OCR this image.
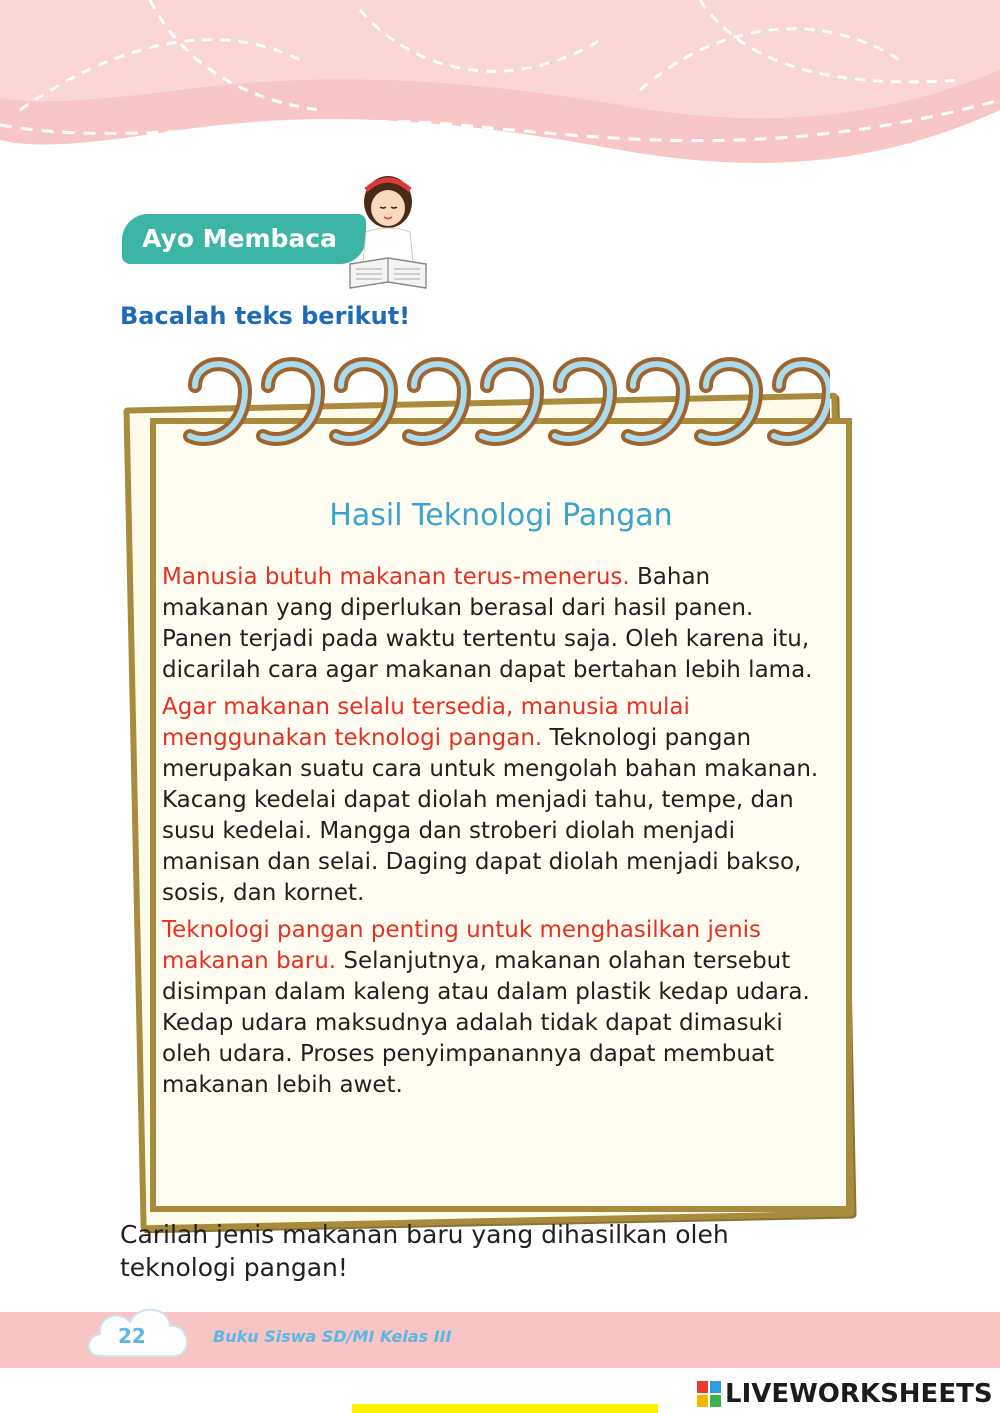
Ayo Membaca
Bacalah teks berikut!
Hasil Teknologi Pangan

Manusia butuh makanan terus-menerus. Bahan makanan yang diperlukan berasal dari hasil panen. Panen terjadi pada waktu tertentu saja. Oleh karena itu, dicarilah cara agar makanan dapat bertahan lebih lama.

Agar makanan selalu tersedia, manusia mulai menggunakan teknologi pangan. Teknologi pangan merupakan suatu cara untuk mengolah bahan makanan. Kacang kedelai dapat diolah menjadi tahu, tempe, dan susu kedelai. Mangga dan stroberi diolah menjadi manisan dan selai. Daging dapat diolah menjadi bakso, sosis, dan kornet.

Teknologi pangan penting untuk menghasilkan jenis makanan baru. Selanjutnya, makanan olahan tersebut disimpan dalam kaleng atau dalam plastik kedap udara. Kedap udara maksudnya adalah tidak dapat dimasuki oleh udara. Proses penyimpanannya dapat membuat makanan lebih awet.

Carilah jenis makanan baru yang dihasilkan oleh teknologi pangan!
22	Buku Siswa SD/MI Kelas III
LIVEWORKSHEETS
